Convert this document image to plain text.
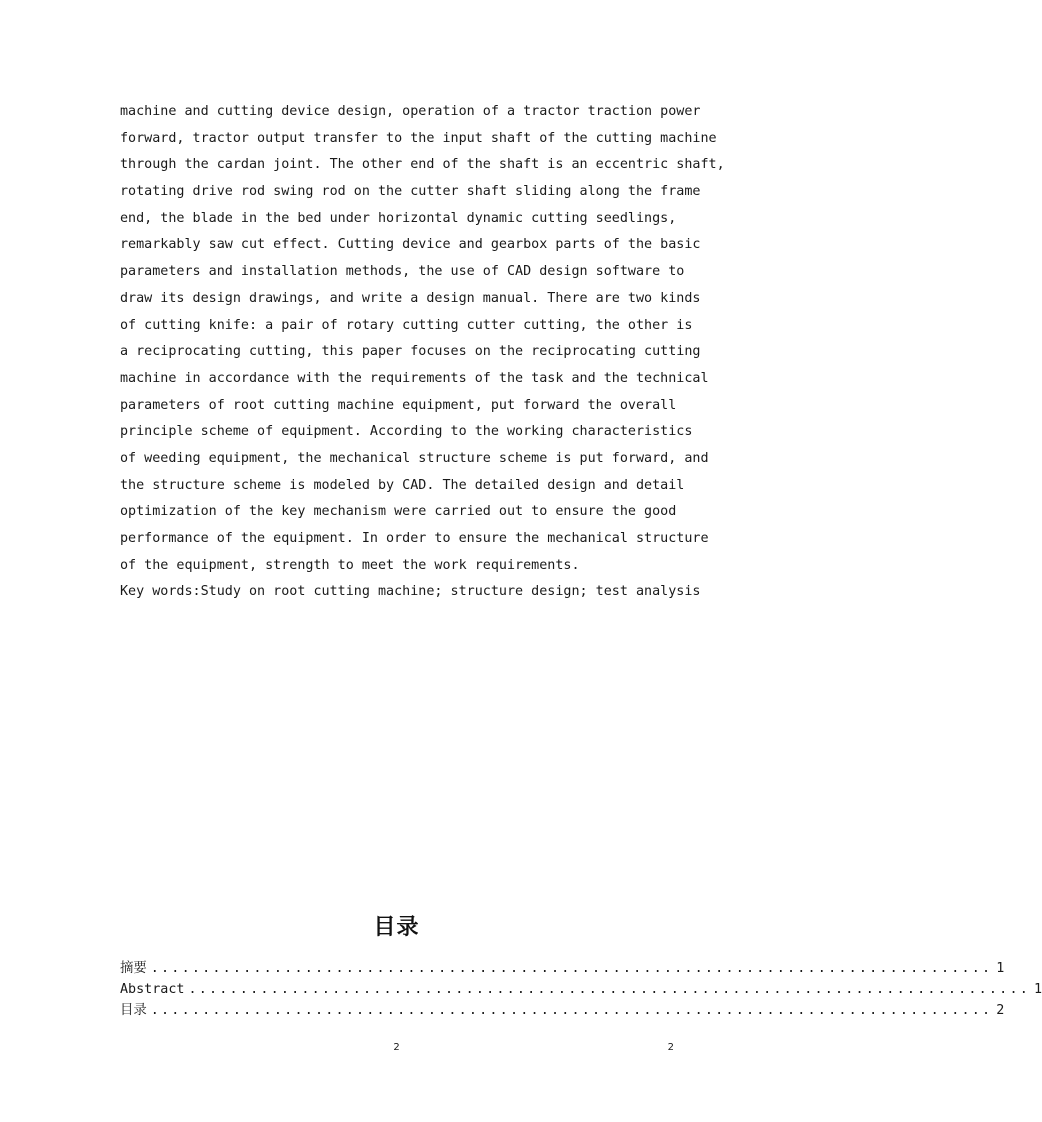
machine and cutting device design, operation of a tractor traction power
forward, tractor output transfer to the input shaft of the cutting machine
through the cardan joint. The other end of the shaft is an eccentric shaft,
rotating drive rod swing rod on the cutter shaft sliding along the frame
end, the blade in the bed under horizontal dynamic cutting seedlings,
remarkably saw cut effect. Cutting device and gearbox parts of the basic
parameters and installation methods, the use of CAD design software to
draw its design drawings, and write a design manual. There are two kinds
of cutting knife: a pair of rotary cutting cutter cutting, the other is
a reciprocating cutting, this paper focuses on the reciprocating cutting
machine in accordance with the requirements of the task and the technical
parameters of root cutting machine equipment, put forward the overall
principle scheme of equipment. According to the working characteristics
of weeding equipment, the mechanical structure scheme is put forward, and
the structure scheme is modeled by CAD. The detailed design and detail
optimization of the key mechanism were carried out to ensure the good
performance of the equipment. In order to ensure the mechanical structure
of the equipment, strength to meet the work requirements.
Key words:Study on root cutting machine; structure design; test analysis
目录
摘要 .................................................................................. 1
Abstract .................................................................................. 1
目录 .................................................................................. 2
2	2
